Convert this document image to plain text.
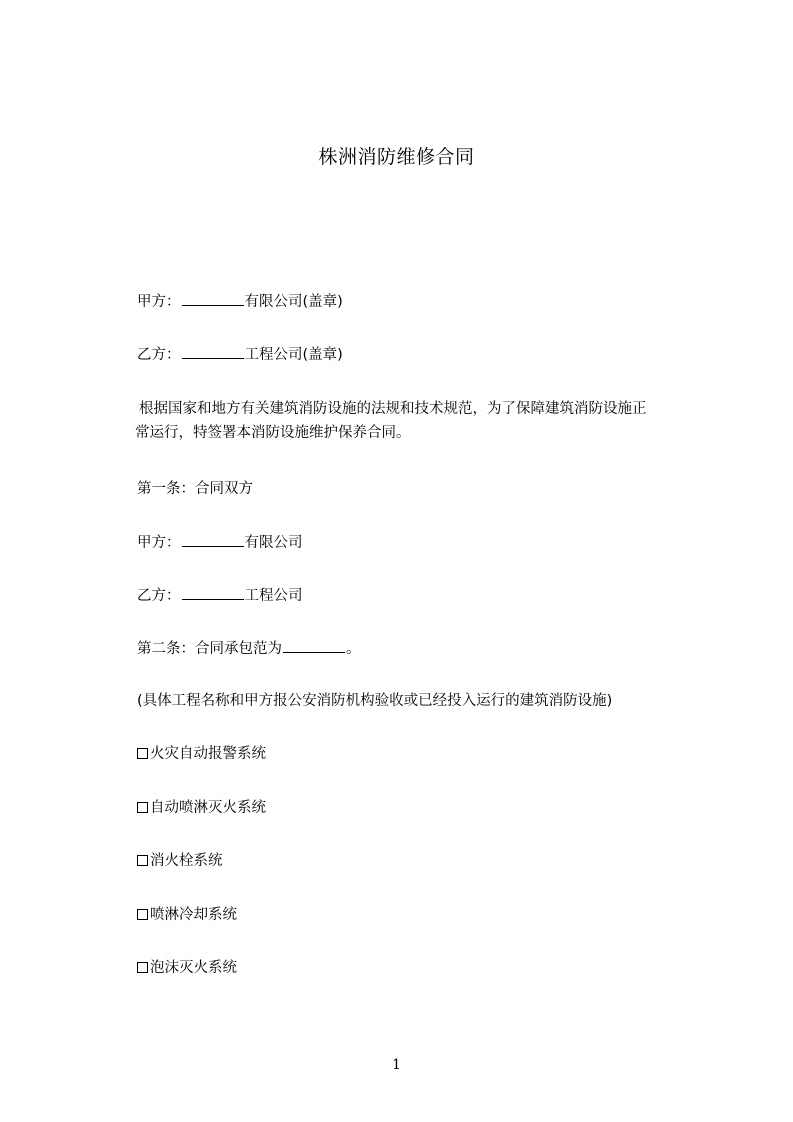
株洲消防维修合同
甲方：	有限公司(盖章)
乙方：	工程公司(盖章)
根据国家和地方有关建筑消防设施的法规和技术规范，为了保障建筑消防设施正
常运行，特签署本消防设施维护保养合同。
第一条：合同双方
甲方：	有限公司
乙方：	工程公司
第二条：合同承包范为	。
(具体工程名称和甲方报公安消防机构验收或已经投入运行的建筑消防设施)
火灾自动报警系统
自动喷淋灭火系统
消火栓系统
喷淋冷却系统
泡沫灭火系统
1
